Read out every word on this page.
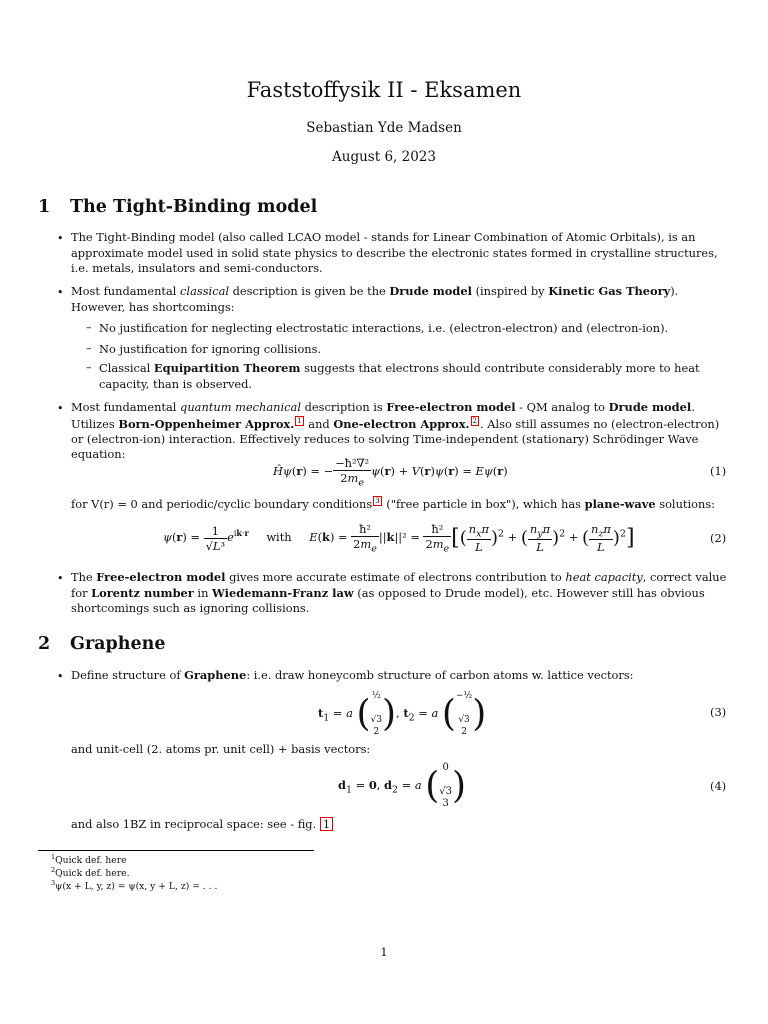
Faststoffysik II - Eksamen
Sebastian Yde Madsen
August 6, 2023
1 The Tight-Binding model
• The Tight-Binding model (also called LCAO model - stands for Linear Combination of Atomic Orbitals), is an approximate model used in solid state physics to describe the electronic states formed in crystalline structures, i.e. metals, insulators and semi-conductors.
• Most fundamental classical description is given be the Drude model (inspired by Kinetic Gas Theory). However, has shortcomings:
– No justification for neglecting electrostatic interactions, i.e. (electron-electron) and (electron-ion).
– No justification for ignoring collisions.
– Classical Equipartition Theorem suggests that electrons should contribute considerably more to heat capacity, than is observed.
• Most fundamental quantum mechanical description is Free-electron model - QM analog to Drude model. Utilizes Born-Oppenheimer Approx. 1 and One-electron Approx. 2 . Also still assumes no (electron-electron) or (electron-ion) interaction. Effectively reduces to solving Time-independent (stationary) Schrödinger Wave equation:
Ĥψ(r) = − $\frac{\text{−ħ²∇²}}{2m_e} \psi(r) + V(r)\psi(r) = E\psi(r)$	(1)
for V(r) = 0 and periodic/cyclic boundary conditions 3 ("free particle in box"), which has plane-wave solutions:
$\psi(r) = \frac{1}{\text{√L³}} e^{ik\cdot r}$ with $E(k) = \frac{\text{ħ²}}{2m_e} ||k||^2 = \frac{\text{ħ²}}{2m_e}$ [( $\frac{n_x\pi}{L} )^2$ + ( $\frac{n_y\pi}{L} )^2$ + ( $\frac{n_z\pi}{L} )^2$]	(2)
• The Free-electron model gives more accurate estimate of electrons contribution to heat capacity, correct value for Lorentz number in Wiedemann-Franz law (as opposed to Drude model), etc. However still has obvious shortcomings such as ignoring collisions.
2 Graphene
• Define structure of Graphene: i.e. draw honeycomb structure of carbon atoms w. lattice vectors:
$t_1 = a$ (½

√3
2), $t_2 = a$ (−½

√3
2 )	(3)
and unit-cell (2. atoms pr. unit cell) + basis vectors:
$d_1 = 0$, $d_2 = a$ ( 0

√3
3)	(4)
and also 1BZ in reciprocal space: see - fig. 1
$^1$Quick def. here
$^2$Quick def. here.
$^3$ψ(x + L, y, z) = ψ(x, y + L, z) = . . .
1
